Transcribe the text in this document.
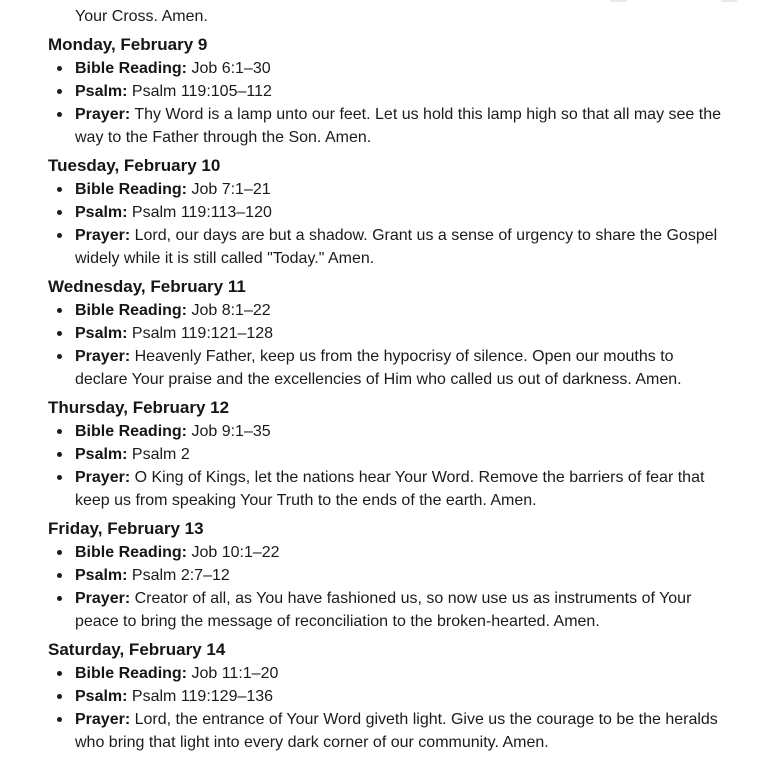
Your Cross. Amen.

Monday, February 9
Bible Reading: Job 6:1–30
Psalm: Psalm 119:105–112
Prayer: Thy Word is a lamp unto our feet. Let us hold this lamp high so that all may see the way to the Father through the Son. Amen.
Tuesday, February 10
Bible Reading: Job 7:1–21
Psalm: Psalm 119:113–120
Prayer: Lord, our days are but a shadow. Grant us a sense of urgency to share the Gospel widely while it is still called "Today." Amen.
Wednesday, February 11
Bible Reading: Job 8:1–22
Psalm: Psalm 119:121–128
Prayer: Heavenly Father, keep us from the hypocrisy of silence. Open our mouths to declare Your praise and the excellencies of Him who called us out of darkness. Amen.
Thursday, February 12
Bible Reading: Job 9:1–35
Psalm: Psalm 2
Prayer: O King of Kings, let the nations hear Your Word. Remove the barriers of fear that keep us from speaking Your Truth to the ends of the earth. Amen.
Friday, February 13
Bible Reading: Job 10:1–22
Psalm: Psalm 2:7–12
Prayer: Creator of all, as You have fashioned us, so now use us as instruments of Your peace to bring the message of reconciliation to the broken-hearted. Amen.
Saturday, February 14
Bible Reading: Job 11:1–20
Psalm: Psalm 119:129–136
Prayer: Lord, the entrance of Your Word giveth light. Give us the courage to be the heralds who bring that light into every dark corner of our community. Amen.
